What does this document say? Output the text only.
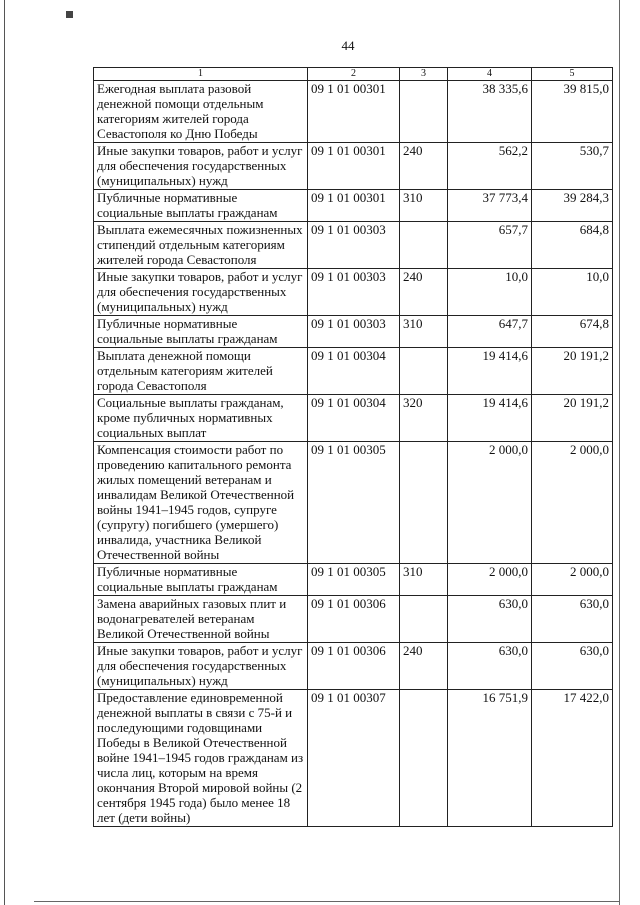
44
1	2	3	4	5
Ежегодная выплата разовой денежной помощи отдельным категориям жителей города Севастополя ко Дню Победы	09 1 01 00301		38 335,6	39 815,0
Иные закупки товаров, работ и услуг для обеспечения государственных (муниципальных) нужд	09 1 01 00301	240	562,2	530,7
Публичные нормативные социальные выплаты гражданам	09 1 01 00301	310	37 773,4	39 284,3
Выплата ежемесячных пожизненных стипендий отдельным категориям жителей города Севастополя	09 1 01 00303		657,7	684,8
Иные закупки товаров, работ и услуг для обеспечения государственных (муниципальных) нужд	09 1 01 00303	240	10,0	10,0
Публичные нормативные социальные выплаты гражданам	09 1 01 00303	310	647,7	674,8
Выплата денежной помощи отдельным категориям жителей города Севастополя	09 1 01 00304		19 414,6	20 191,2
Социальные выплаты гражданам, кроме публичных нормативных социальных выплат	09 1 01 00304	320	19 414,6	20 191,2
Компенсация стоимости работ по проведению капитального ремонта жилых помещений ветеранам и инвалидам Великой Отечественной войны 1941–1945 годов, супруге (супругу) погибшего (умершего) инвалида, участника Великой Отечественной войны	09 1 01 00305		2 000,0	2 000,0
Публичные нормативные социальные выплаты гражданам	09 1 01 00305	310	2 000,0	2 000,0
Замена аварийных газовых плит и водонагревателей ветеранам Великой Отечественной войны	09 1 01 00306		630,0	630,0
Иные закупки товаров, работ и услуг для обеспечения государственных (муниципальных) нужд	09 1 01 00306	240	630,0	630,0
Предоставление единовременной денежной выплаты в связи с 75-й и последующими годовщинами Победы в Великой Отечественной войне 1941–1945 годов гражданам из числа лиц, которым на время окончания Второй мировой войны (2 сентября 1945 года) было менее 18 лет (дети войны)	09 1 01 00307		16 751,9	17 422,0
